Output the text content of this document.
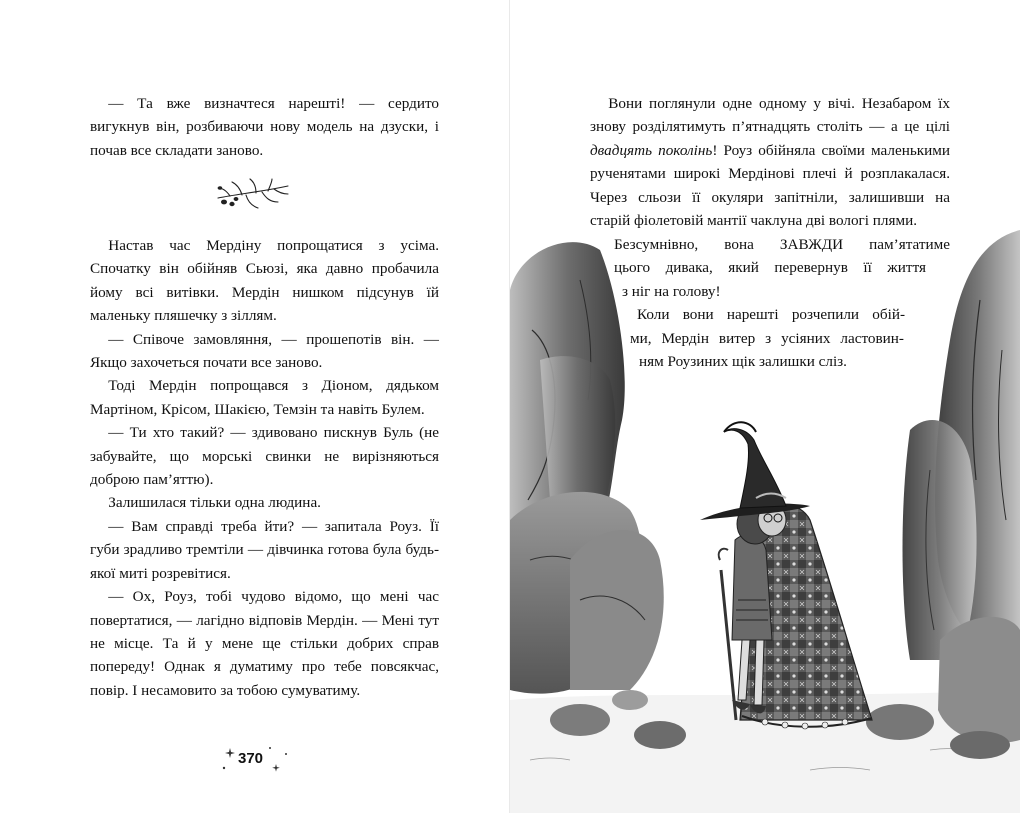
— Та вже визначтеся нарешті! — сердито вигукнув він, розбиваючи нову модель на дзуски, і почав все складати заново.

Настав час Мердіну попрощатися з усіма. Спочатку він обійняв Сьюзі, яка давно пробачила йому всі витівки. Мердін нишком підсунув їй маленьку пляшечку з зіллям.

— Співоче замовляння, — прошепотів він. — Якщо захочеться почати все заново.

Тоді Мердін попрощався з Діоном, дядьком Мартіном, Крісом, Шакією, Темзін та навіть Булем.

— Ти хто такий? — здивовано пискнув Буль (не забувайте, що морські свинки не вирізняються доброю пам’яттю).

Залишилася тільки одна людина.

— Вам справді треба йти? — запитала Роуз. Її губи зрадливо тремтіли — дівчинка готова була будь-якої миті розревітися.

— Ох, Роуз, тобі чудово відомо, що мені час повертатися, — лагідно відповів Мердін. — Мені тут не місце. Та й у мене ще стільки добрих справ попереду! Однак я думатиму про тебе повсякчас, повір. І несамовито за тобою сумуватиму.

370

Вони поглянули одне одному у вічі. Незабаром їх знову розділятимуть п’ятнадцять століть — а це цілі двадцять поколінь! Роуз обійняла своїми маленькими рученятами широкі Мердінові плечі й розплакалася. Через сльози її окуляри запітніли, залишивши на старій фіолетовій мантії чаклуна дві вологі плями.

Безсумнівно, вона ЗАВЖДИ пам’ятатиме
цього дивака, який перевернув її життя
з ніг на голову!
Коли вони нарешті розчепили обій-
ми, Мердін витер з усіяних ластовин-
ням Роузиних щік залишки сліз.
